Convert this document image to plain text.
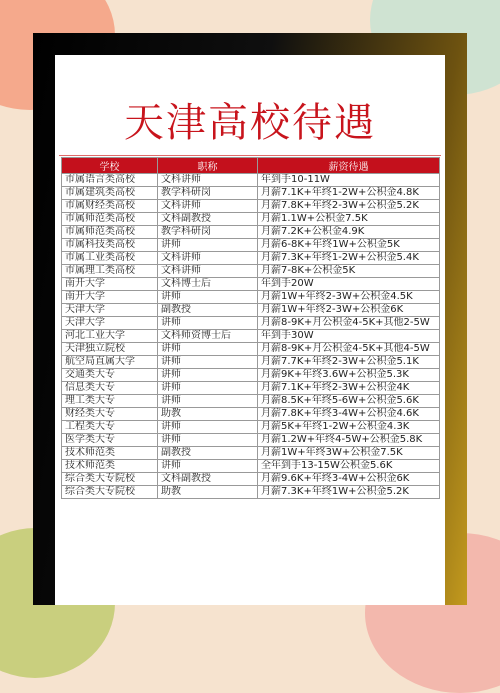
天津高校待遇
学校	职称	薪资待遇
市属语言类高校	文科讲师	年到手10-11W
市属建筑类高校	教学科研岗	月薪7.1K+年终1-2W+公积金4.8K
市属财经类高校	文科讲师	月薪7.8K+年终2-3W+公积金5.2K
市属师范类高校	文科副教授	月薪1.1W+公积金7.5K
市属师范类高校	教学科研岗	月薪7.2K+公积金4.9K
市属科技类高校	讲师	月薪6-8K+年终1W+公积金5K
市属工业类高校	文科讲师	月薪7.3K+年终1-2W+公积金5.4K
市属理工类高校	文科讲师	月薪7-8K+公积金5K
南开大学	文科博士后	年到手20W
南开大学	讲师	月薪1W+年终2-3W+公积金4.5K
天津大学	副教授	月薪1W+年终2-3W+公积金6K
天津大学	讲师	月薪8-9K+月公积金4-5K+其他2-5W
河北工业大学	文科师资博士后	年到手30W
天津独立院校	讲师	月薪8-9K+月公积金4-5K+其他4-5W
航空局直属大学	讲师	月薪7.7K+年终2-3W+公积金5.1K
交通类大专	讲师	月薪9K+年终3.6W+公积金5.3K
信息类大专	讲师	月薪7.1K+年终2-3W+公积金4K
理工类大专	讲师	月薪8.5K+年终5-6W+公积金5.6K
财经类大专	助教	月薪7.8K+年终3-4W+公积金4.6K
工程类大专	讲师	月薪5K+年终1-2W+公积金4.3K
医学类大专	讲师	月薪1.2W+年终4-5W+公积金5.8K
技术师范类	副教授	月薪1W+年终3W+公积金7.5K
技术师范类	讲师	全年到手13-15W公积金5.6K
综合类大专院校	文科副教授	月薪9.6K+年终3-4W+公积金6K
综合类大专院校	助教	月薪7.3K+年终1W+公积金5.2K
